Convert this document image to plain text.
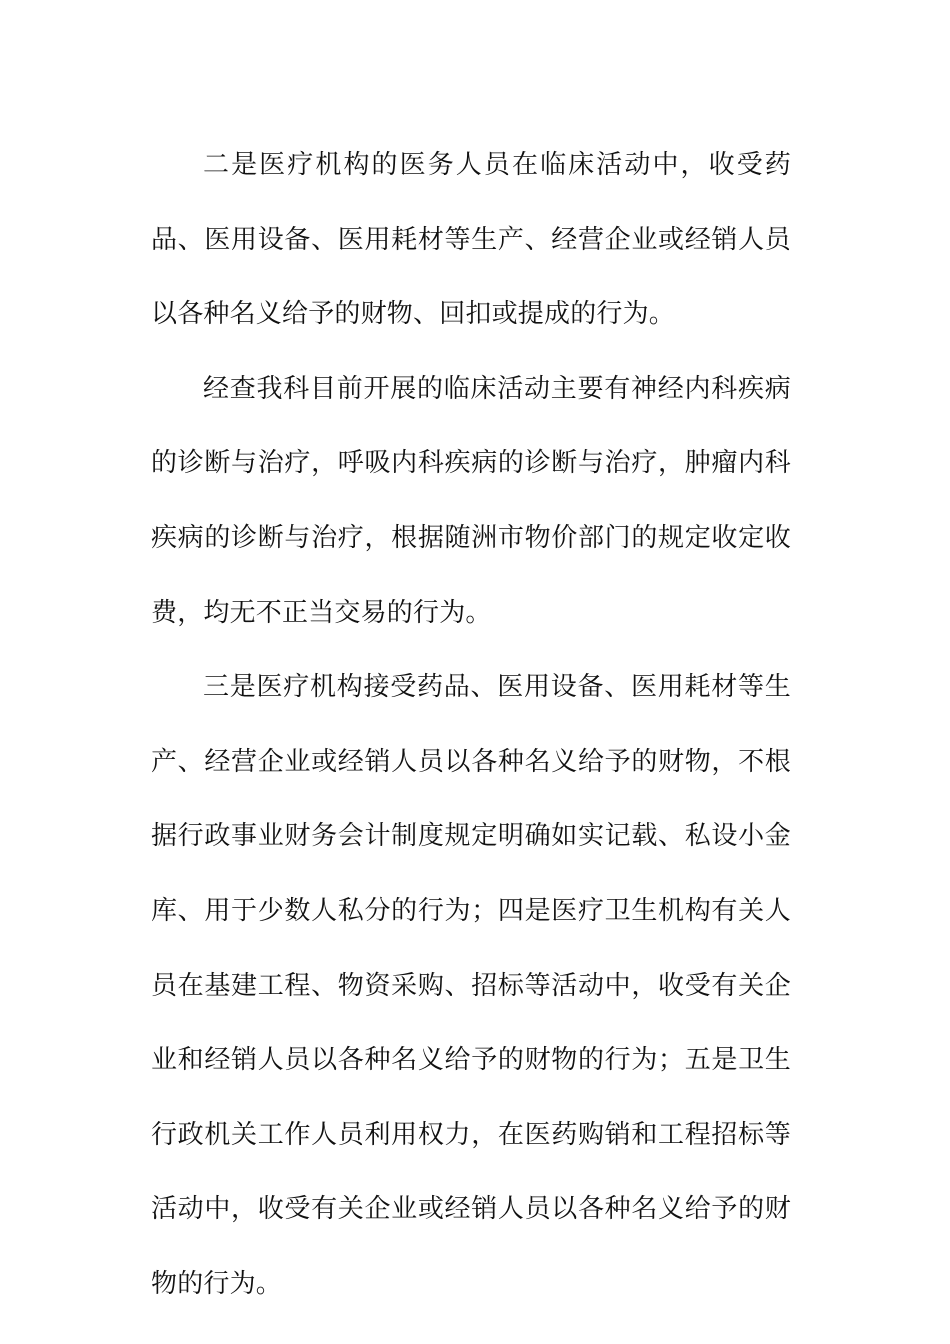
二是医疗机构的医务人员在临床活动中，收受药品、医用设备、医用耗材等生产、经营企业或经销人员以各种名义给予的财物、回扣或提成的行为。

经查我科目前开展的临床活动主要有神经内科疾病的诊断与治疗，呼吸内科疾病的诊断与治疗，肿瘤内科疾病的诊断与治疗，根据随洲市物价部门的规定收定收费，均无不正当交易的行为。

三是医疗机构接受药品、医用设备、医用耗材等生产、经营企业或经销人员以各种名义给予的财物，不根据行政事业财务会计制度规定明确如实记载、私设小金库、用于少数人私分的行为；四是医疗卫生机构有关人员在基建工程、物资采购、招标等活动中，收受有关企业和经销人员以各种名义给予的财物的行为；五是卫生行政机关工作人员利用权力，在医药购销和工程招标等活动中，收受有关企业或经销人员以各种名义给予的财物的行为。
